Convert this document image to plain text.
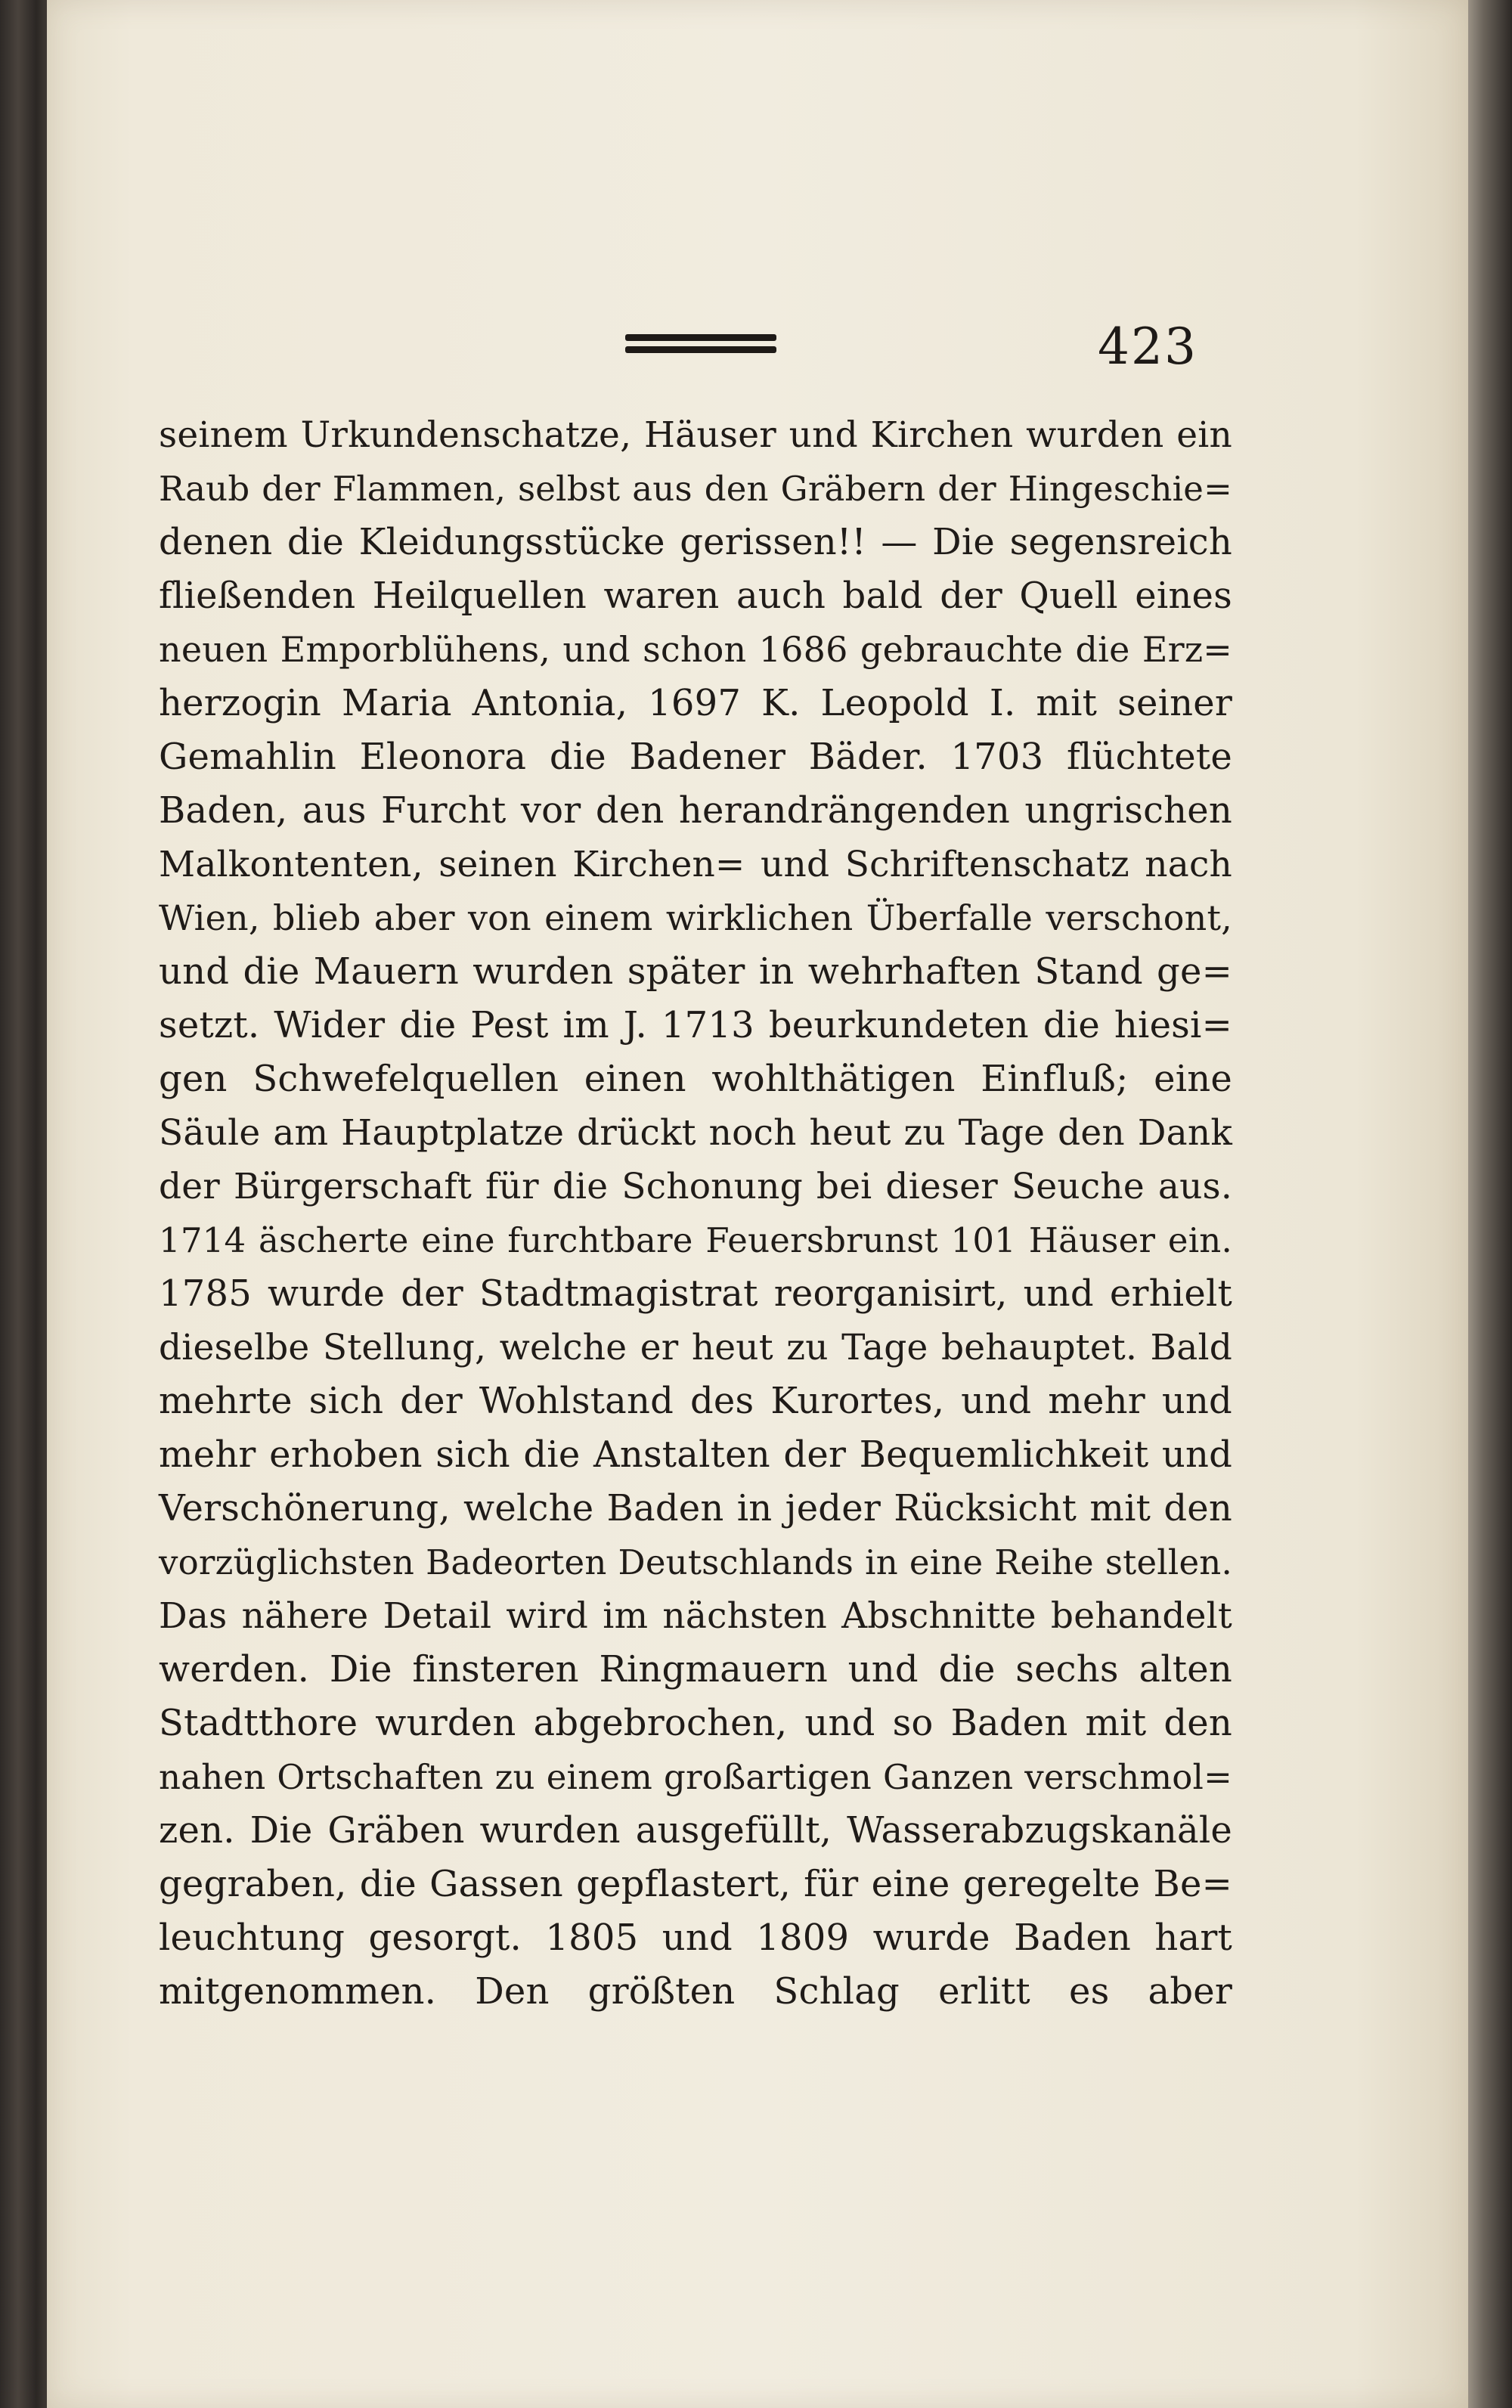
423
seinem Urkundenschatze, Häuser und Kirchen wurden ein
Raub der Flammen, selbst aus den Gräbern der Hingeschie=
denen die Kleidungsstücke gerissen!! — Die segensreich
fließenden Heilquellen waren auch bald der Quell eines
neuen Emporblühens, und schon 1686 gebrauchte die Erz=
herzogin Maria Antonia, 1697 K. Leopold I. mit seiner
Gemahlin Eleonora die Badener Bäder. 1703 flüchtete
Baden, aus Furcht vor den herandrängenden ungrischen
Malkontenten, seinen Kirchen= und Schriftenschatz nach
Wien, blieb aber von einem wirklichen Überfalle verschont,
und die Mauern wurden später in wehrhaften Stand ge=
setzt. Wider die Pest im J. 1713 beurkundeten die hiesi=
gen Schwefelquellen einen wohlthätigen Einfluß; eine
Säule am Hauptplatze drückt noch heut zu Tage den Dank
der Bürgerschaft für die Schonung bei dieser Seuche aus.
1714 äscherte eine furchtbare Feuersbrunst 101 Häuser ein.
1785 wurde der Stadtmagistrat reorganisirt, und erhielt
dieselbe Stellung, welche er heut zu Tage behauptet. Bald
mehrte sich der Wohlstand des Kurortes, und mehr und
mehr erhoben sich die Anstalten der Bequemlichkeit und
Verschönerung, welche Baden in jeder Rücksicht mit den
vorzüglichsten Badeorten Deutschlands in eine Reihe stellen.
Das nähere Detail wird im nächsten Abschnitte behandelt
werden. Die finsteren Ringmauern und die sechs alten
Stadtthore wurden abgebrochen, und so Baden mit den
nahen Ortschaften zu einem großartigen Ganzen verschmol=
zen. Die Gräben wurden ausgefüllt, Wasserabzugskanäle
gegraben, die Gassen gepflastert, für eine geregelte Be=
leuchtung gesorgt. 1805 und 1809 wurde Baden hart
mitgenommen. Den größten Schlag erlitt es aber
